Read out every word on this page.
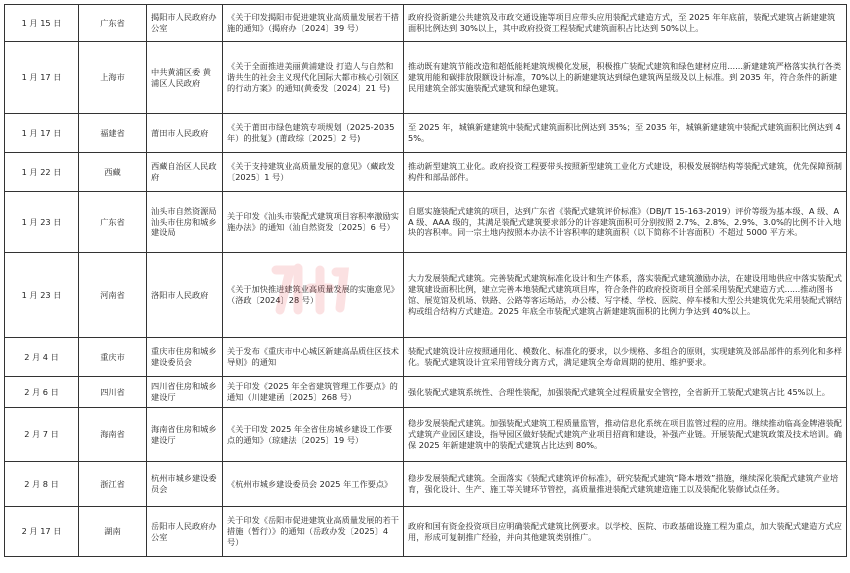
1 月 15 日	广东省	揭阳市人民政府办公室	《关于印发揭阳市促进建筑业高质量发展若干措施的通知》（揭府办〔2024〕39 号）	政府投资新建公共建筑及市政交通设施等项目应带头应用装配式建造方式，至 2025 年年底前，装配式建筑占新建建筑面积比例达到 30%以上，其中政府投资工程装配式建筑面积占比达到 50%以上。
1 月 17 日	上海市	中共黄浦区委 黄浦区人民政府	《关于全面推进美丽黄浦建设 打造人与自然和谐共生的社会主义现代化国际大都市核心引领区的行动方案》的通知(黄委发〔2024〕21 号)	推动既有建筑节能改造和超低能耗建筑规模化发展，积极推广装配式建筑和绿色建材应用......新建建筑严格落实执行各类建筑用能和碳排放限额设计标准，70%以上的新建建筑达到绿色建筑两星级及以上标准。到 2035 年，符合条件的新建民用建筑全部实施装配式建筑和绿色建筑。
1 月 17 日	福建省	莆田市人民政府	《关于莆田市绿色建筑专项规划（2025-2035 年）的批复》(莆政综〔2025〕2 号)	至 2025 年，城镇新建建筑中装配式建筑面积比例达到 35%；至 2035 年，城镇新建建筑中装配式建筑面积比例达到 45%。
1 月 22 日	西藏	西藏自治区人民政府	《关于支持建筑业高质量发展的意见》（藏政发〔2025〕1 号）	推动新型建筑工业化。政府投资工程要带头按照新型建筑工业化方式建设，积极发展钢结构等装配式建筑，优先保障预制构件和部品部件。
1 月 23 日	广东省	汕头市自然资源局 汕头市住房和城乡建设局	关于印发《汕头市装配式建筑项目容积率激励实施办法》的通知（汕自然资发〔2025〕6 号）	自愿实施装配式建筑的项目，达到广东省《装配式建筑评价标准》（DBJ/T 15-163-2019）评价等级为基本级、A 级、AA 级、AAA 级的，其满足装配式建筑要求部分的计容建筑面积可分别按照 2.7%、2.8%、2.9%、3.0%的比例不计入地块的容积率。同一宗土地内按照本办法不计容积率的建筑面积（以下简称不计容面积）不超过 5000 平方米。
1 月 23 日	河南省	洛阳市人民政府	《关于加快推进建筑业高质量发展的实施意见》（洛政〔2024〕28 号）	大力发展装配式建筑。完善装配式建筑标准化设计和生产体系，落实装配式建筑激励办法，在建设用地供应中落实装配式建筑建设面积比例，建立完善本地装配式建筑项目库，符合条件的政府投资项目全部采用装配式建造方式......推动图书馆、展览馆及机场、铁路、公路等客运场站，办公楼、写字楼、学校、医院、停车楼和大型公共建筑优先采用装配式钢结构或组合结构方式建造。2025 年底全市装配式建筑占新建建筑面积的比例力争达到 40%以上。
2 月 4 日	重庆市	重庆市住房和城乡建设委员会	关于发布《重庆市中心城区新建高品质住区技术导则》的通知	装配式建筑设计应按照通用化、模数化、标准化的要求，以少规格、多组合的原则，实现建筑及部品部件的系列化和多样化。装配式建筑设计宜采用管线分离方式，满足建筑全寿命周期的使用、维护要求。
2 月 6 日	四川省	四川省住房和城乡建设厅	关于印发《2025 年全省建筑管理工作要点》的通知（川建建函〔2025〕268 号）	强化装配式建筑系统性、合理性装配，加强装配式建筑全过程质量安全管控，全省新开工装配式建筑占比 45%以上。
2 月 7 日	海南省	海南省住房和城乡建设厅	《关于印发 2025 年全省住房城乡建设工作要点的通知》（琼建法〔2025〕19 号）	稳步发展装配式建筑。加强装配式建筑工程质量监管，推动信息化系统在项目监管过程的应用。继续推动临高金牌港装配式建筑产业园区建设，指导园区做好装配式建筑产业项目招商和建设，补强产业链。开展装配式建筑政策及技术培训。确保 2025 年新建建筑中的装配式建筑占比达到 80%。
2 月 8 日	浙江省	杭州市城乡建设委员会	《杭州市城乡建设委员会 2025 年工作要点》	稳步发展装配式建筑。全面落实《装配式建筑评价标准》，研究装配式建筑“降本增效”措施，继续深化装配式建筑产业培育，强化设计、生产、施工等关键环节管控，高质量推进装配式建筑建造施工以及装配化装修试点任务。
2 月 17 日	湖南	岳阳市人民政府办公室	关于印发《岳阳市促进建筑业高质量发展的若干措施（暂行）》的通知（岳政办发〔2025〕4 号）	政府和国有资金投资项目应明确装配式建筑比例要求。以学校、医院、市政基础设施工程为重点，加大装配式建造方式应用，形成可复制推广经验，并向其他建筑类别推广。
